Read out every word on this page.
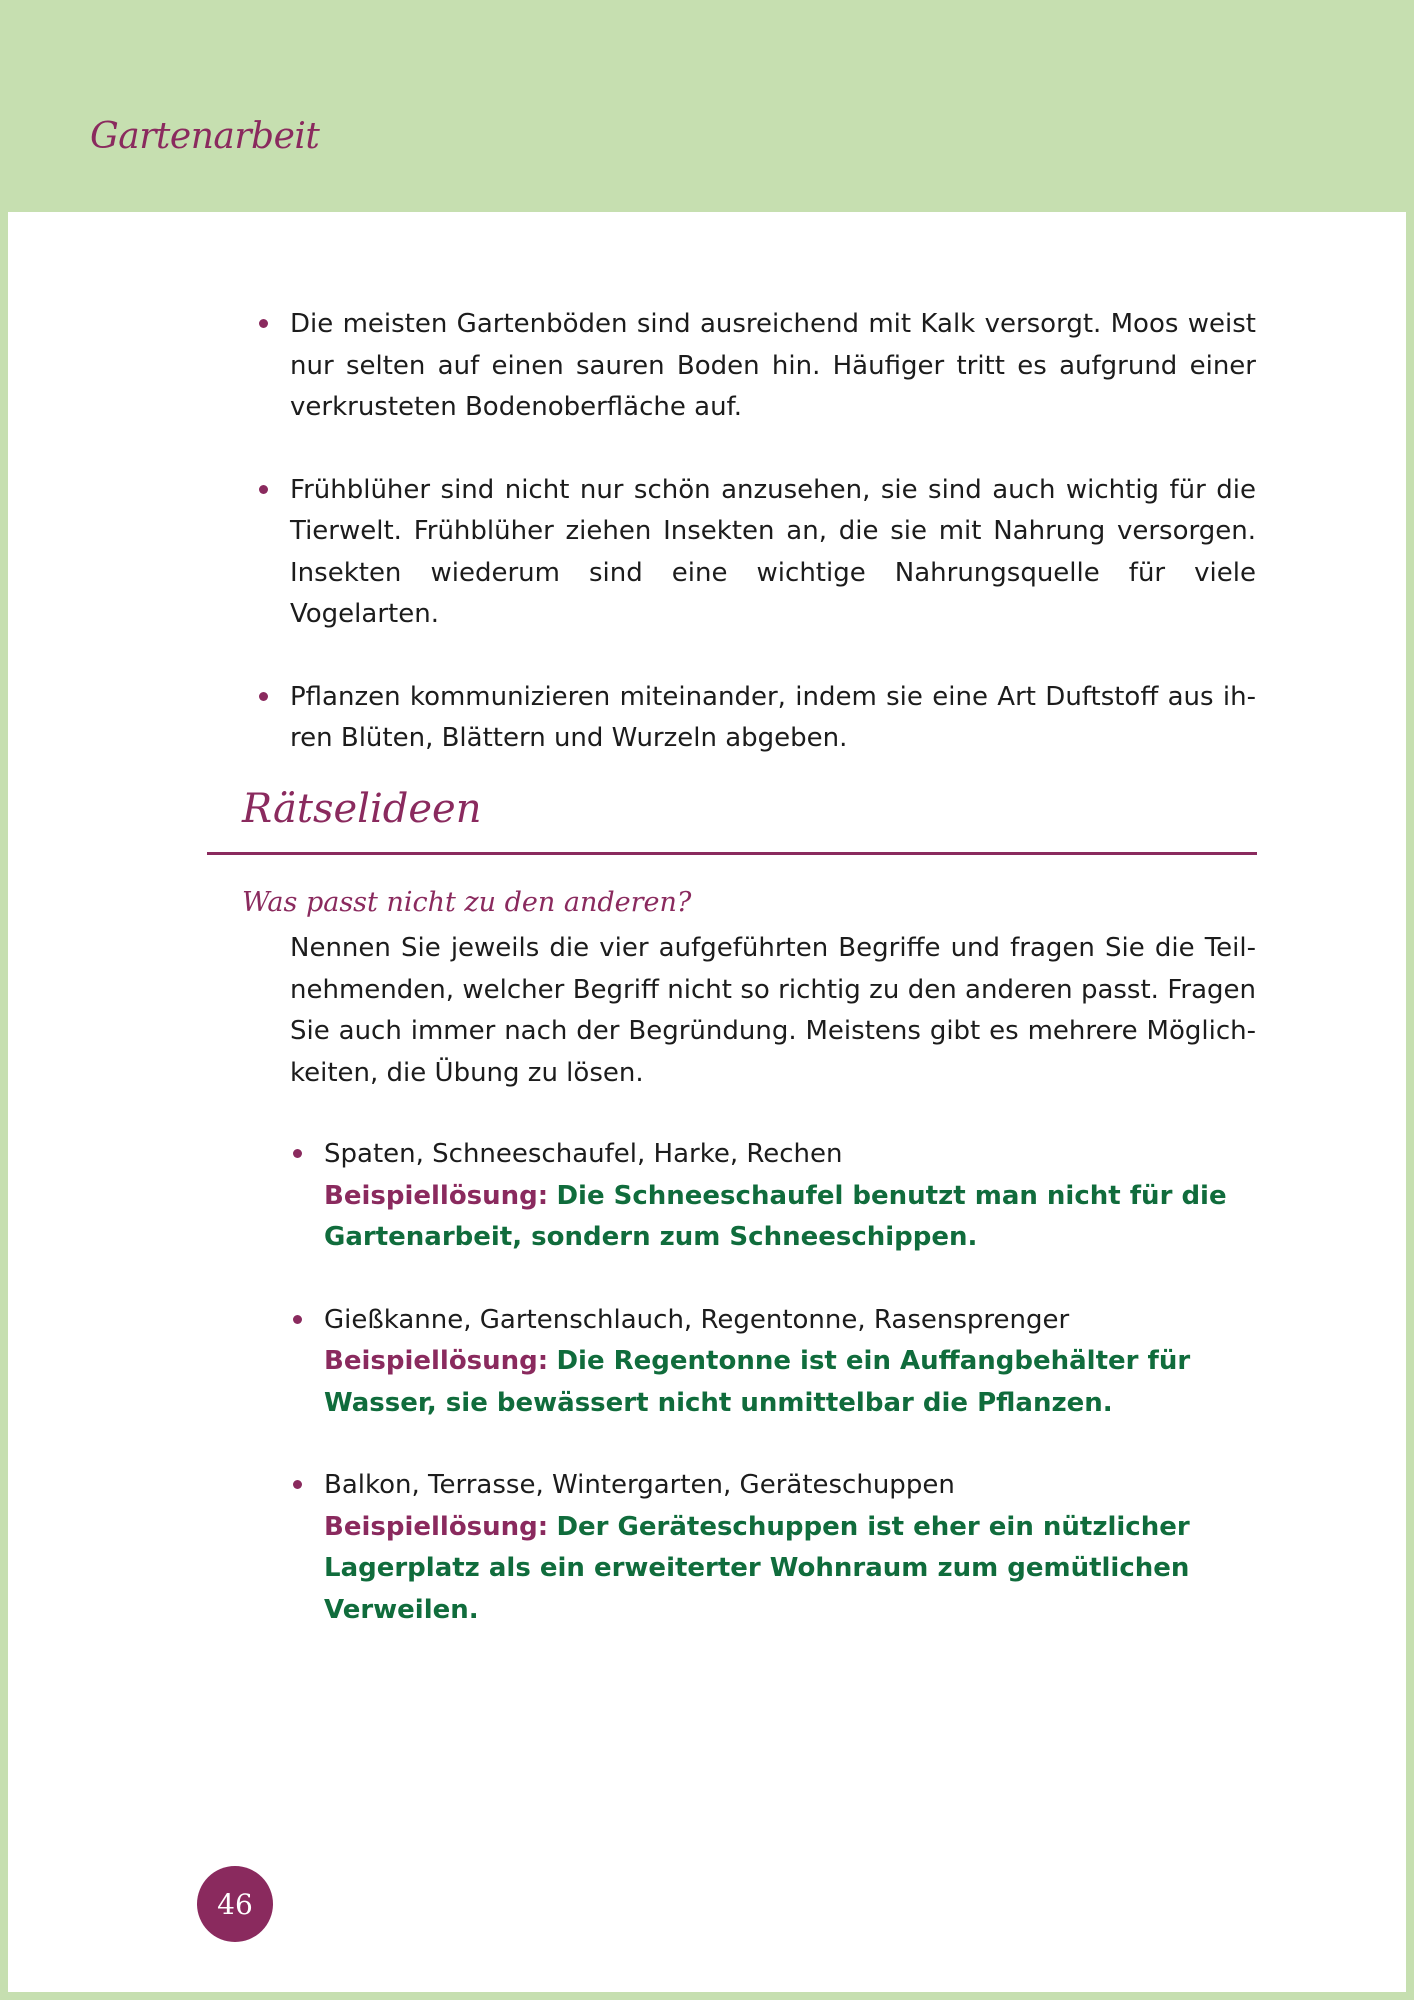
Gartenarbeit
Die meisten Gartenböden sind ausreichend mit Kalk versorgt. Moos weist nur selten auf einen sauren Boden hin. Häufiger tritt es aufgrund einer verkrusteten Bodenoberfläche auf.
Frühblüher sind nicht nur schön anzusehen, sie sind auch wichtig für die Tierwelt. Frühblüher ziehen Insekten an, die sie mit Nahrung versorgen. Insekten wiederum sind eine wichtige Nahrungsquelle für viele Vogelarten.
Pflanzen kommunizieren miteinander, indem sie eine Art Duftstoff aus ihren Blüten, Blättern und Wurzeln abgeben.
Rätselideen
Was passt nicht zu den anderen?

Nennen Sie jeweils die vier aufgeführten Begriffe und fragen Sie die Teilnehmenden, welcher Begriff nicht so richtig zu den anderen passt. Fragen Sie auch immer nach der Begründung. Meistens gibt es mehrere Möglichkeiten, die Übung zu lösen.

Spaten, Schneeschaufel, Harke, Rechen
Beispiellösung: Die Schneeschaufel benutzt man nicht für die Gartenarbeit, sondern zum Schneeschippen.
Gießkanne, Gartenschlauch, Regentonne, Rasensprenger
Beispiellösung: Die Regentonne ist ein Auffangbehälter für Wasser, sie bewässert nicht unmittelbar die Pflanzen.
Balkon, Terrasse, Wintergarten, Geräteschuppen
Beispiellösung: Der Geräteschuppen ist eher ein nützlicher Lagerplatz als ein erweiterter Wohnraum zum gemütlichen Verweilen.
46
